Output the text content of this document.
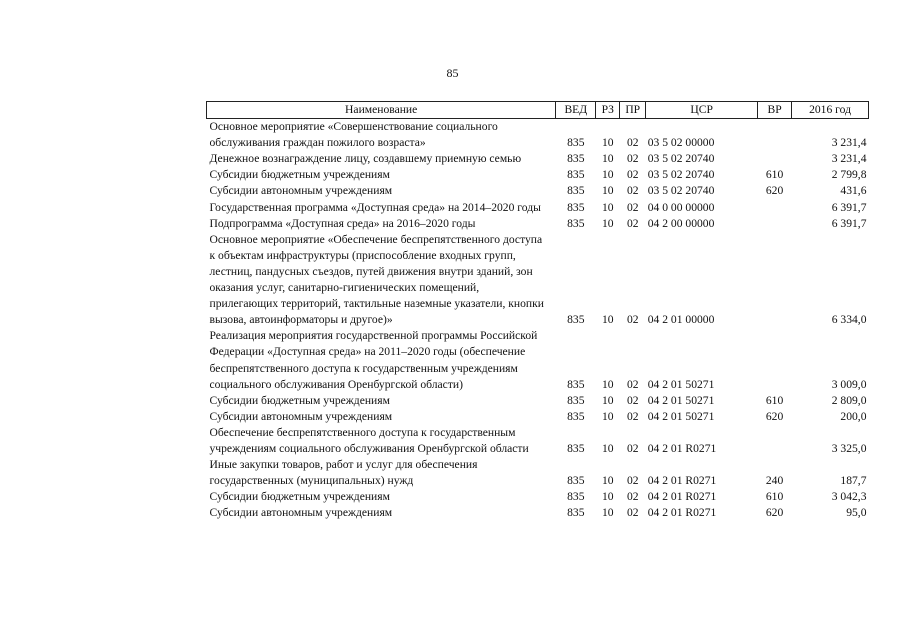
85
Наименование	ВЕД	РЗ	ПР	ЦСР	ВР	2016 год
Основное мероприятие «Совершенствование социального обслуживания граждан пожилого возраста»	835	10	02	03 5 02 00000		3 231,4
Денежное вознаграждение лицу, создавшему приемную семью	835	10	02	03 5 02 20740		3 231,4
Субсидии бюджетным учреждениям	835	10	02	03 5 02 20740	610	2 799,8
Субсидии автономным учреждениям	835	10	02	03 5 02 20740	620	431,6
Государственная программа «Доступная среда» на 2014–2020 годы	835	10	02	04 0 00 00000		6 391,7
Подпрограмма «Доступная среда» на 2016–2020 годы	835	10	02	04 2 00 00000		6 391,7
Основное мероприятие «Обеспечение беспрепятственного доступа к объектам инфраструктуры (приспособление входных групп, лестниц, пандусных съездов, путей движения внутри зданий, зон оказания услуг, санитарно-гигиенических помещений, прилегающих территорий, тактильные наземные указатели, кнопки вызова, автоинформаторы и другое)»	835	10	02	04 2 01 00000		6 334,0
Реализация мероприятия государственной программы Российской Федерации «Доступная среда» на 2011–2020 годы (обеспечение беспрепятственного доступа к государственным учреждениям социального обслуживания Оренбургской области)	835	10	02	04 2 01 50271		3 009,0
Субсидии бюджетным учреждениям	835	10	02	04 2 01 50271	610	2 809,0
Субсидии автономным учреждениям	835	10	02	04 2 01 50271	620	200,0
Обеспечение беспрепятственного доступа к государственным учреждениям социального обслуживания Оренбургской области	835	10	02	04 2 01 R0271		3 325,0
Иные закупки товаров, работ и услуг для обеспечения государственных (муниципальных) нужд	835	10	02	04 2 01 R0271	240	187,7
Субсидии бюджетным учреждениям	835	10	02	04 2 01 R0271	610	3 042,3
Субсидии автономным учреждениям	835	10	02	04 2 01 R0271	620	95,0
